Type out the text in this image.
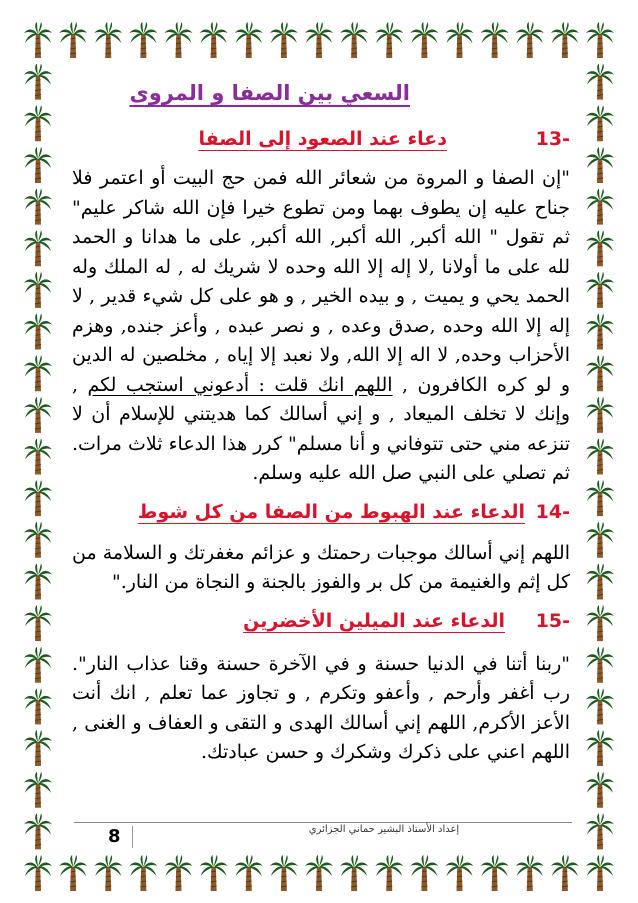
السعي بين الصفا و المروى
-13 دعاء عند الصعود إلى الصفا

"إن الصفا و المروة من شعائر الله فمن حج البيت أو اعتمر فلا جناح عليه إن يطوف بهما ومن تطوع خيرا فإن الله شاكر عليم" ثم تقول " الله أكبر, الله أكبر, الله أكبر, على ما هدانا و الحمد لله على ما أولانا ,لا إله إلا الله وحده لا شريك له , له الملك وله الحمد يحي و يميت , و بيده الخير , و هو على كل شيء قدير , لا إله إلا الله وحده ,صدق وعده , و نصر عبده , وأعز جنده, وهزم الأحزاب وحده, لا اله إلا الله, ولا نعبد إلا إياه , مخلصين له الدين و لو كره الكافرون , اللهم انك قلت : أدعوني استجب لكم , وإنك لا تخلف الميعاد , و إني أسالك كما هديتني للإسلام أن لا تنزعه مني حتى تتوفاني و أنا مسلم" كرر هذا الدعاء ثلاث مرات. ثم تصلي على النبي صل الله عليه وسلم.

-14 الدعاء عند الهبوط من الصفا من كل شوط

اللهم إني أسالك موجبات رحمتك و عزائم مغفرتك و السلامة من كل إثم والغنيمة من كل بر والفوز بالجنة و النجاة من النار."

-15 الدعاء عند الميلين الأخضرين

"ربنا أتنا في الدنيا حسنة و في الآخرة حسنة وقنا عذاب النار". رب أغفر وأرحم , وأعفو وتكرم , و تجاوز عما تعلم , انك أنت الأعز الأكرم, اللهم إني أسالك الهدى و التقى و العفاف و الغنى , اللهم اعني على ذكرك وشكرك و حسن عبادتك.

8	إعداد الأستاذ البشير حماني الجزائري
